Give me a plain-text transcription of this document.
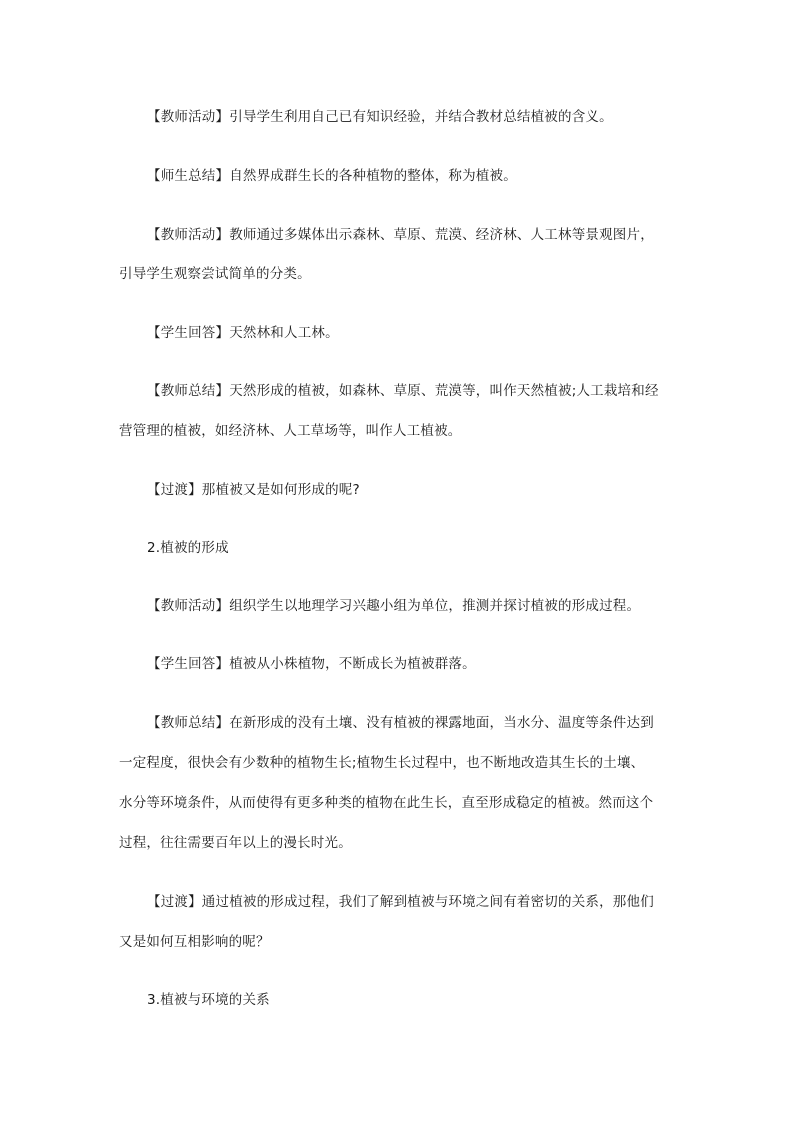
【教师活动】引导学生利用自己已有知识经验，并结合教材总结植被的含义。
【师生总结】自然界成群生长的各种植物的整体，称为植被。
【教师活动】教师通过多媒体出示森林、草原、荒漠、经济林、人工林等景观图片，
引导学生观察尝试简单的分类。
【学生回答】天然林和人工林。
【教师总结】天然形成的植被，如森林、草原、荒漠等，叫作天然植被;人工栽培和经
营管理的植被，如经济林、人工草场等，叫作人工植被。
【过渡】那植被又是如何形成的呢?
2.植被的形成
【教师活动】组织学生以地理学习兴趣小组为单位，推测并探讨植被的形成过程。
【学生回答】植被从小株植物，不断成长为植被群落。
【教师总结】在新形成的没有土壤、没有植被的裸露地面，当水分、温度等条件达到
一定程度，很快会有少数种的植物生长;植物生长过程中，也不断地改造其生长的土壤、
水分等环境条件，从而使得有更多种类的植物在此生长，直至形成稳定的植被。然而这个
过程，往往需要百年以上的漫长时光。
【过渡】通过植被的形成过程，我们了解到植被与环境之间有着密切的关系，那他们
又是如何互相影响的呢？
3.植被与环境的关系
